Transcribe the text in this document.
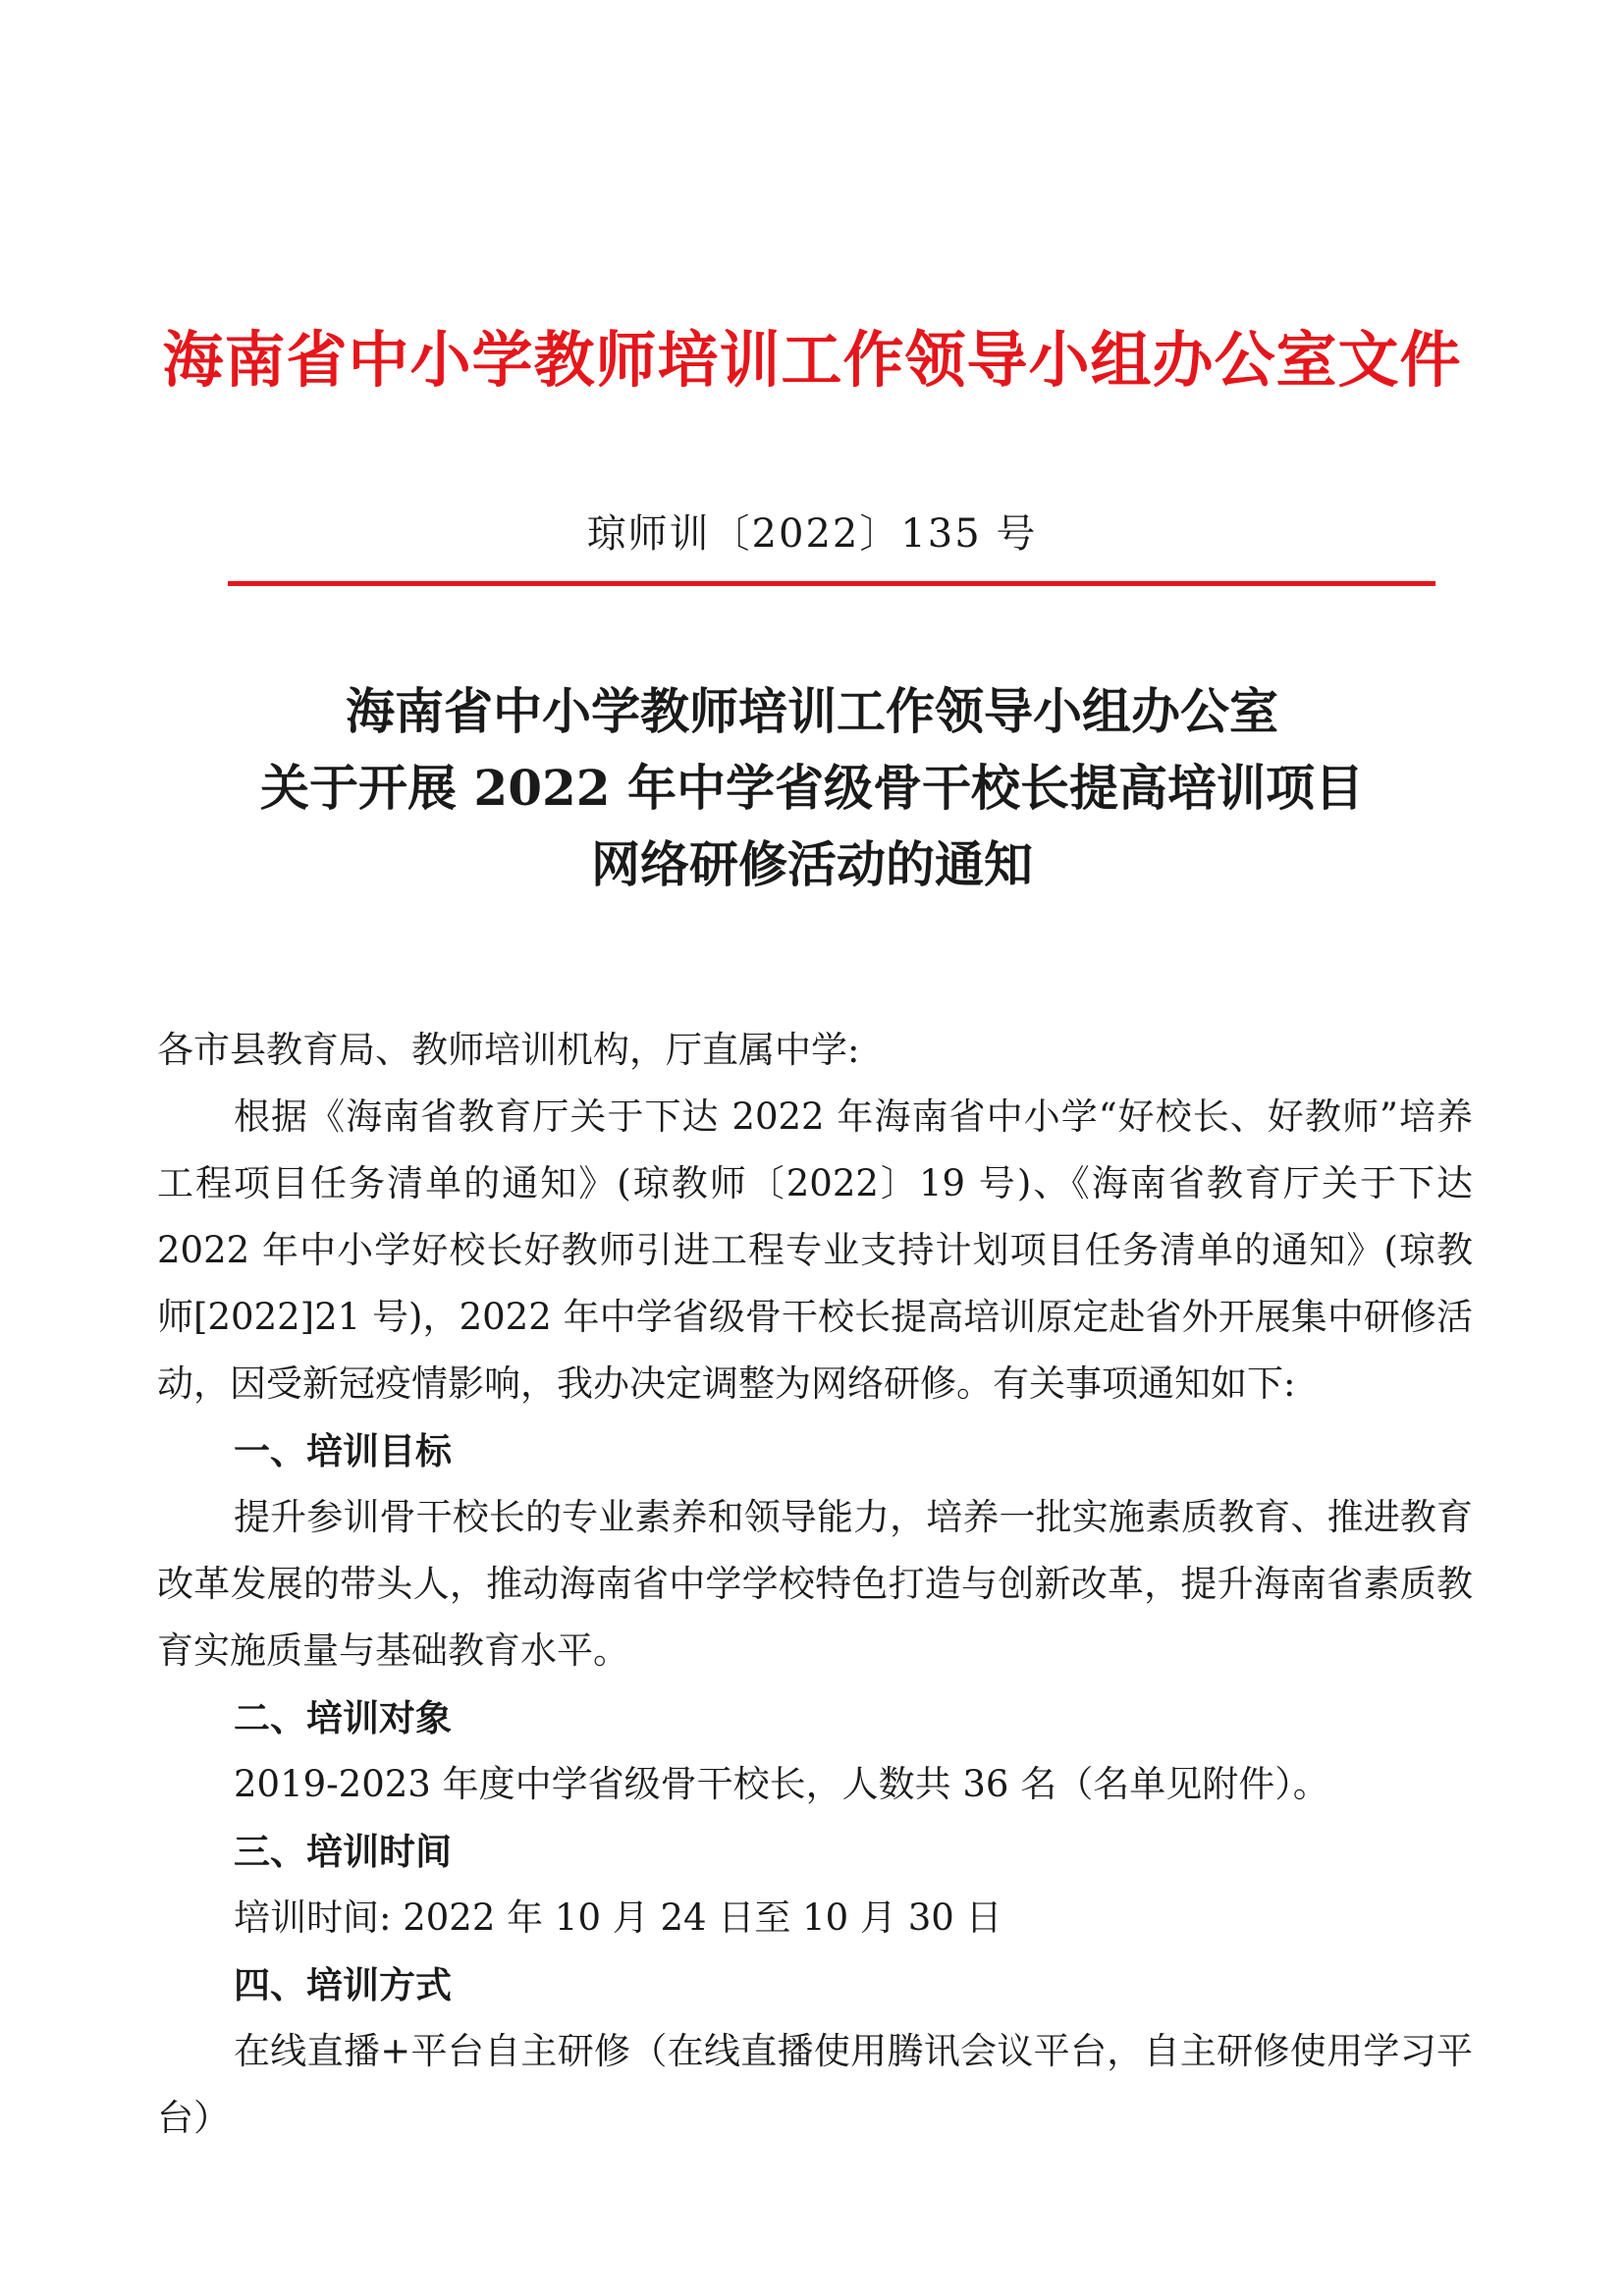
海南省中小学教师培训工作领导小组办公室文件
琼师训〔2022〕135 号
海南省中小学教师培训工作领导小组办公室
关于开展 2022 年中学省级骨干校长提高培训项目
网络研修活动的通知

各市县教育局、教师培训机构，厅直属中学:

根据《海南省教育厅关于下达 2022 年海南省中小学“好校长、好教师”培养工程项目任务清单的通知》(琼教师〔2022〕19 号)、《海南省教育厅关于下达 2022 年中小学好校长好教师引进工程专业支持计划项目任务清单的通知》(琼教师[2022]21 号)，2022 年中学省级骨干校长提高培训原定赴省外开展集中研修活动，因受新冠疫情影响，我办决定调整为网络研修。有关事项通知如下:

一、培训目标

提升参训骨干校长的专业素养和领导能力，培养一批实施素质教育、推进教育改革发展的带头人，推动海南省中学学校特色打造与创新改革，提升海南省素质教育实施质量与基础教育水平。

二、培训对象

2019-2023 年度中学省级骨干校长，人数共 36 名（名单见附件）。

三、培训时间

培训时间: 2022 年 10 月 24 日至 10 月 30 日

四、培训方式

在线直播+平台自主研修（在线直播使用腾讯会议平台，自主研修使用学习平台）
